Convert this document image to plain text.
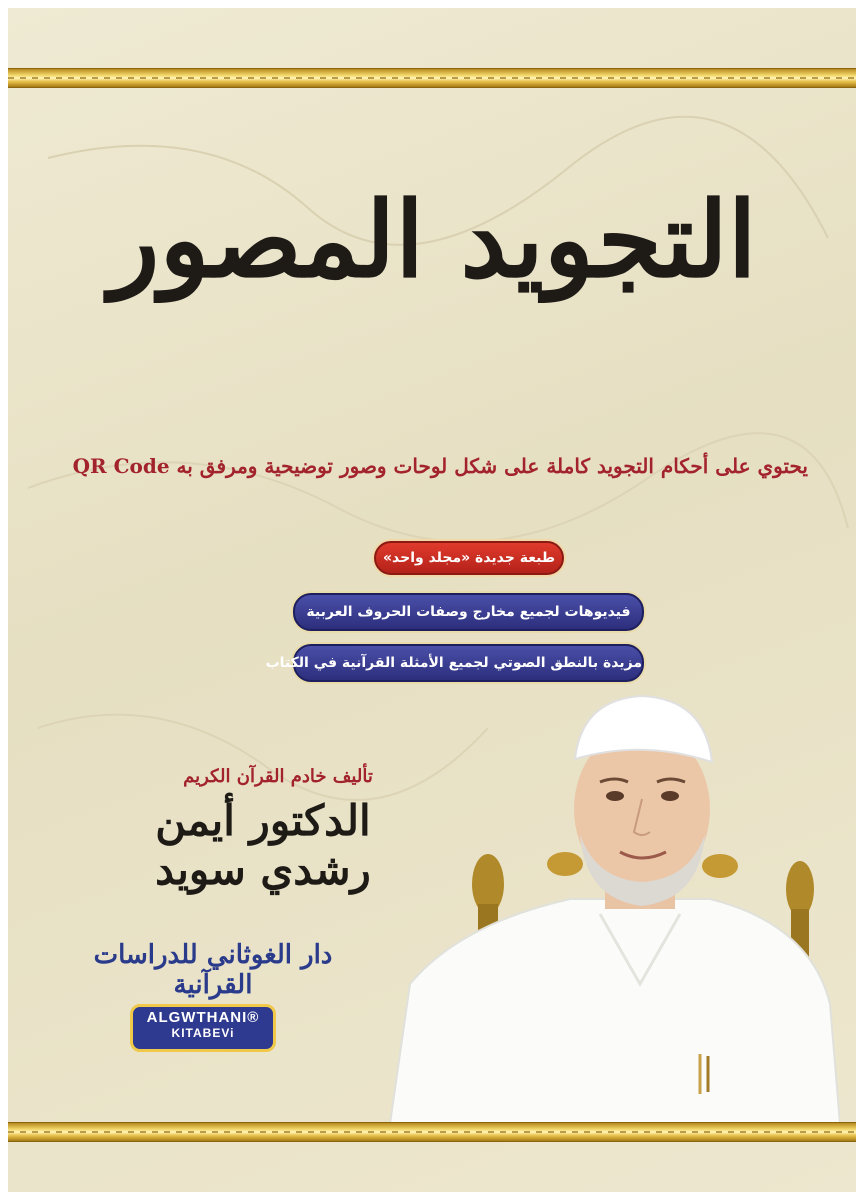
التجويد المصور
يحتوي على أحكام التجويد كاملة على شكل لوحات وصور توضيحية ومرفق به QR Code
طبعة جديدة «مجلد واحد»
فيديوهات لجميع مخارج وصفات الحروف العربية
مزيدة بالنطق الصوتي لجميع الأمثلة القرآنية في الكتاب
تأليف خادم القرآن الكريم
الدكتور أيمن رشدي سويد
دار الغوثاني للدراسات القرآنية
ALGWTHANI®
KITABEVi
